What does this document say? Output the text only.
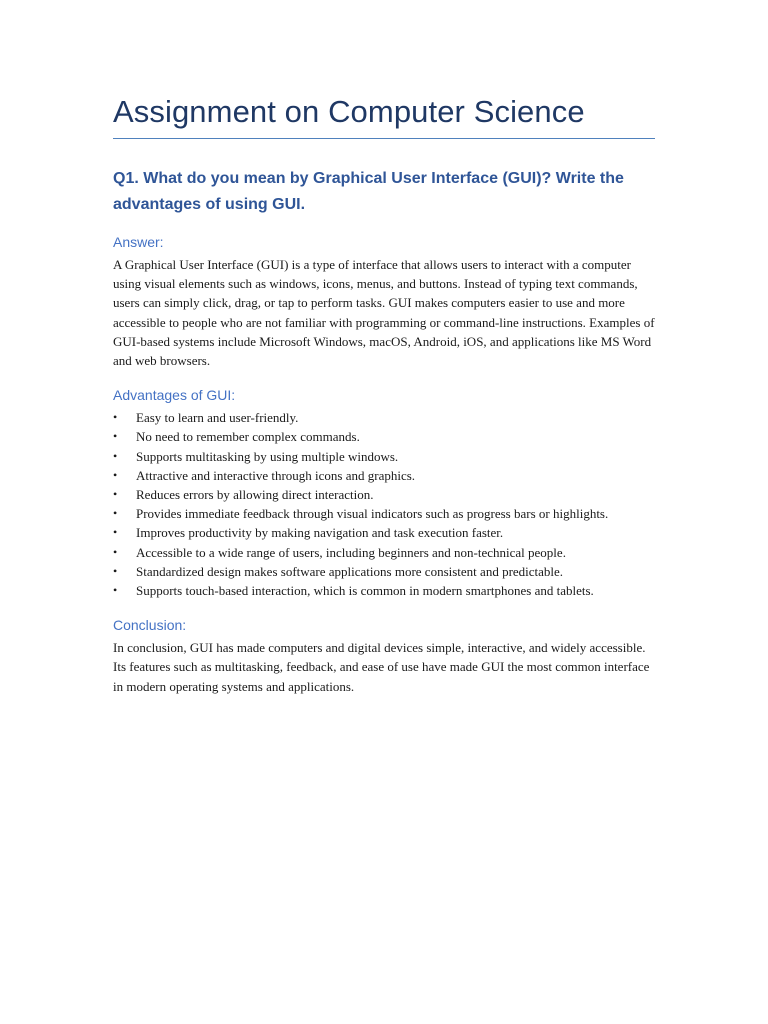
Assignment on Computer Science
Q1. What do you mean by Graphical User Interface (GUI)? Write the advantages of using GUI.
Answer:

A Graphical User Interface (GUI) is a type of interface that allows users to interact with a computer using visual elements such as windows, icons, menus, and buttons. Instead of typing text commands, users can simply click, drag, or tap to perform tasks. GUI makes computers easier to use and more accessible to people who are not familiar with programming or command-line instructions. Examples of GUI-based systems include Microsoft Windows, macOS, Android, iOS, and applications like MS Word and web browsers.

Advantages of GUI:
• Easy to learn and user-friendly.
• No need to remember complex commands.
• Supports multitasking by using multiple windows.
• Attractive and interactive through icons and graphics.
• Reduces errors by allowing direct interaction.
• Provides immediate feedback through visual indicators such as progress bars or highlights.
• Improves productivity by making navigation and task execution faster.
• Accessible to a wide range of users, including beginners and non-technical people.
• Standardized design makes software applications more consistent and predictable.
• Supports touch-based interaction, which is common in modern smartphones and tablets.
Conclusion:

In conclusion, GUI has made computers and digital devices simple, interactive, and widely accessible. Its features such as multitasking, feedback, and ease of use have made GUI the most common interface in modern operating systems and applications.
